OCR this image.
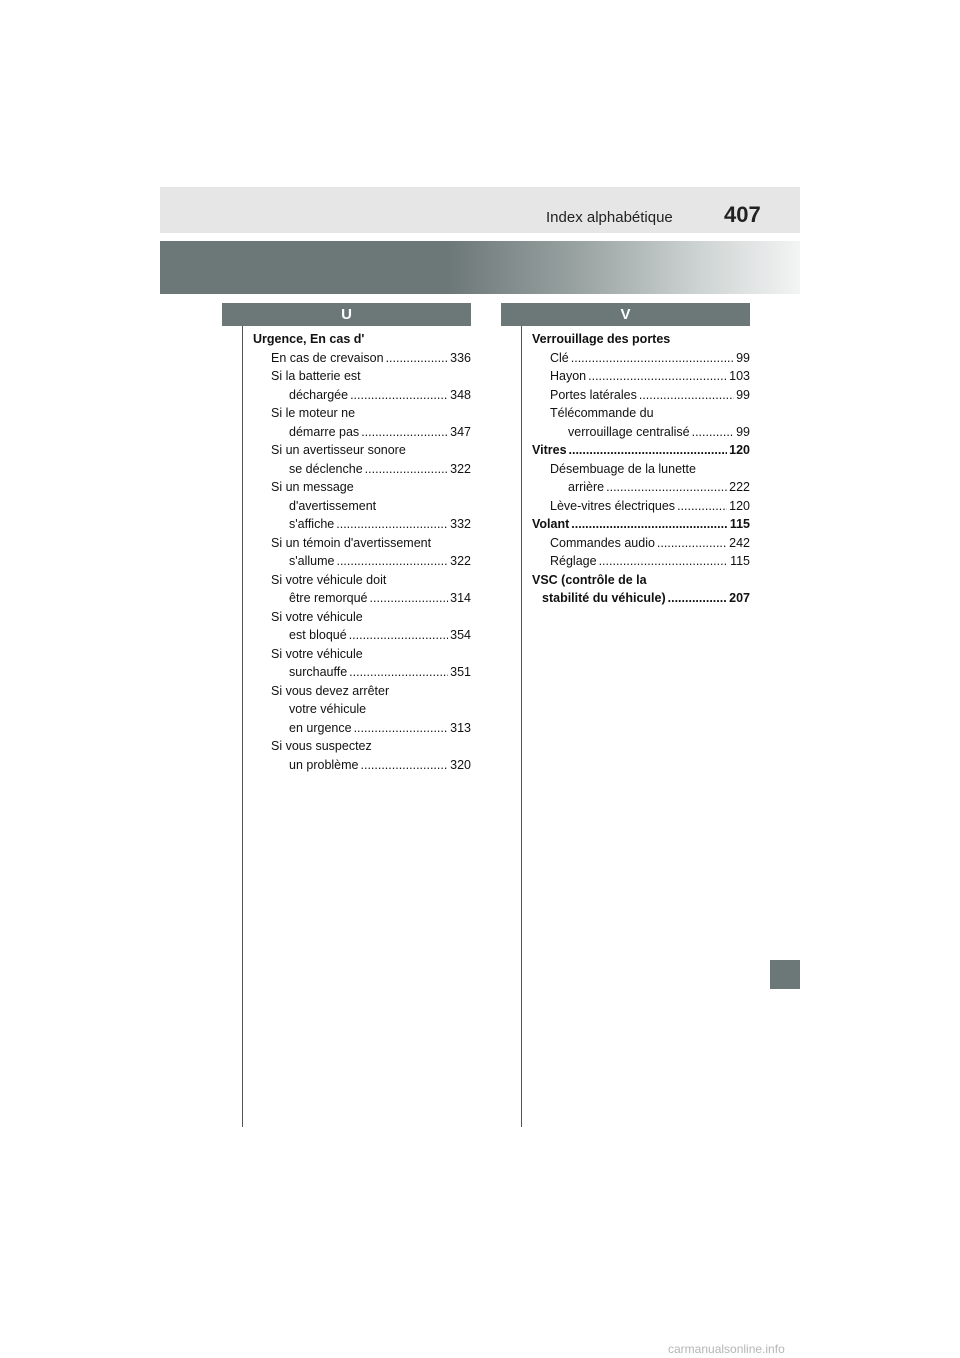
Index alphabétique 407
U	V
Urgence, En cas d'
En cas de crevaison .....	336
Si la batterie est
déchargée .....	348
Si le moteur ne
démarre pas .....	347
Si un avertisseur sonore
se déclenche .....	322
Si un message
d'avertissement
s'affiche .....	332
Si un témoin d'avertissement
s'allume .....	322
Si votre véhicule doit
être remorqué .....	314
Si votre véhicule
est bloqué .....	354
Si votre véhicule
surchauffe .....	351
Si vous devez arrêter
votre véhicule
en urgence .....	313
Si vous suspectez
un problème .....	320
Verrouillage des portes
Clé .....	99
Hayon .....	103
Portes latérales .....	99
Télécommande du
verrouillage centralisé .....	99
Vitres .....	120
Désembuage de la lunette
arrière .....	222
Lève-vitres électriques .....	120
Volant .....	115
Commandes audio .....	242
Réglage .....	115
VSC (contrôle de la
stabilité du véhicule) .....	207
carmanualsonline.info
